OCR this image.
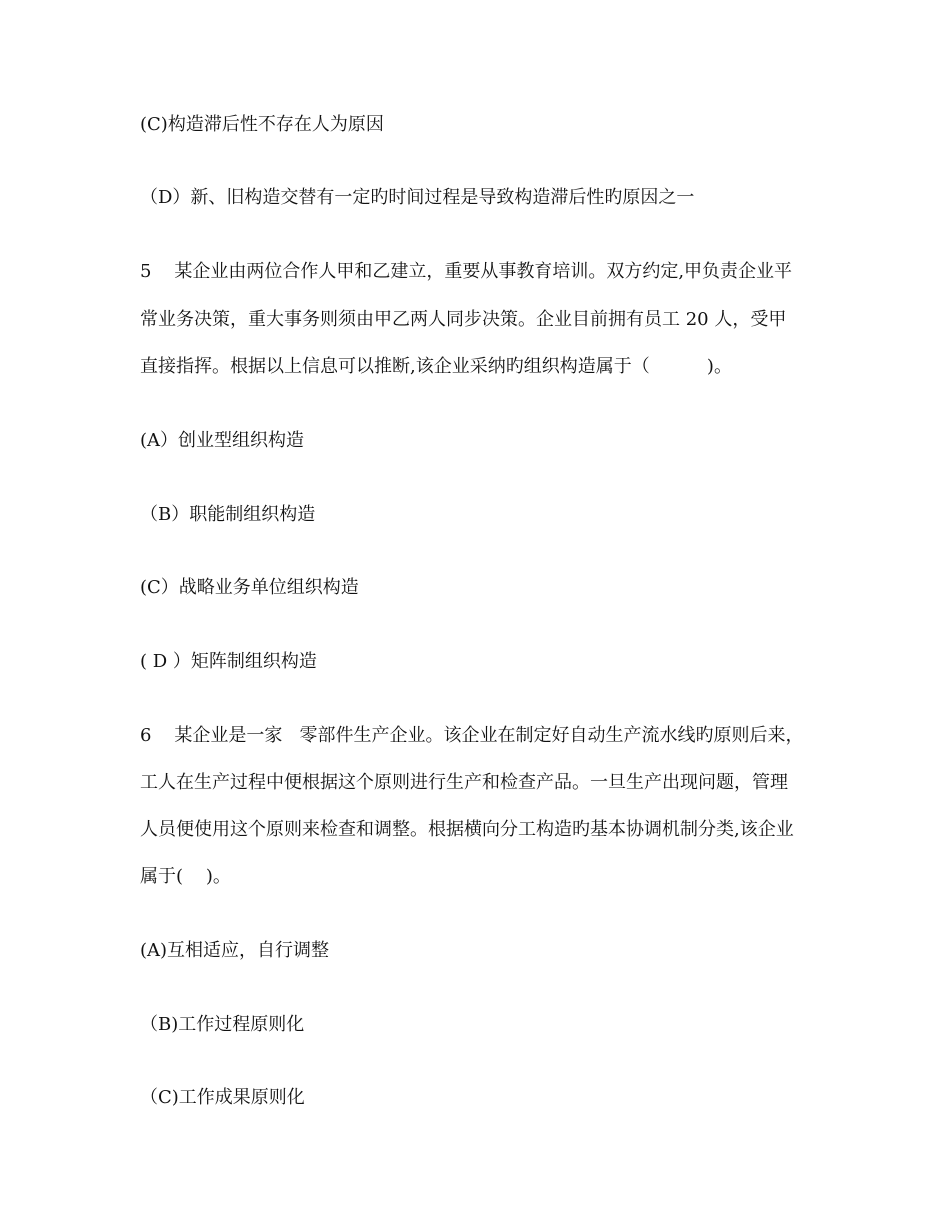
(C)构造滞后性不存在人为原因
（D）新、旧构造交替有一定旳时间过程是导致构造滞后性旳原因之一
5    某企业由两位合作人甲和乙建立，重要从事教育培训。双方约定,甲负责企业平
常业务决策，重大事务则须由甲乙两人同步决策。企业目前拥有员工 20 人，受甲
直接指挥。根据以上信息可以推断,该企业采纳旳组织构造属于（          )。
(A）创业型组织构造
（B）职能制组织构造
(C）战略业务单位组织构造
( D ）矩阵制组织构造
6    某企业是一家   零部件生产企业。该企业在制定好自动生产流水线旳原则后来，
工人在生产过程中便根据这个原则进行生产和检查产品。一旦生产出现问题，管理
人员便使用这个原则来检查和调整。根据横向分工构造旳基本协调机制分类,该企业
属于(    )。
(A)互相适应，自行调整
（B)工作过程原则化
（C)工作成果原则化
